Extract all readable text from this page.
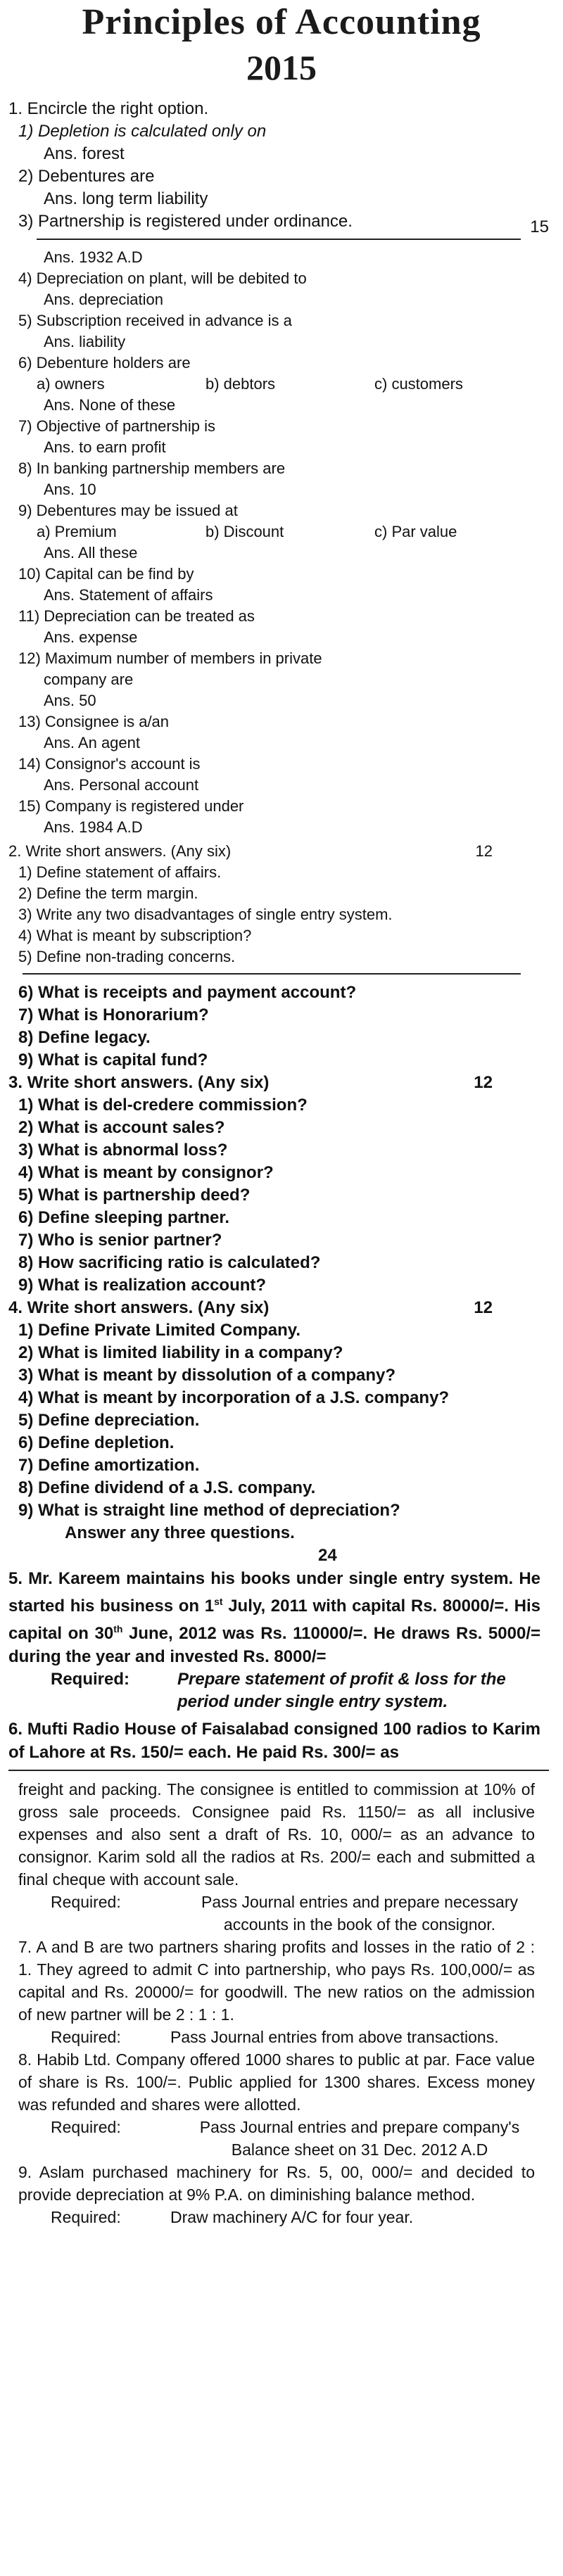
Principles of Accounting
2015
1. Encircle the right option.
15
1) Depletion is calculated only on
Ans. forest
2) Debentures are
Ans. long term liability
3) Partnership is registered under ordinance.
Ans. 1932 A.D
4) Depreciation on plant, will be debited to
Ans. depreciation
5) Subscription received in advance is a
Ans. liability
6) Debenture holders are
a) owners	b) debtors	c) customers
Ans. None of these
7) Objective of partnership is
Ans. to earn profit
8) In banking partnership members are
Ans. 10
9) Debentures may be issued at
a) Premium	b) Discount	c) Par value
Ans. All these
10) Capital can be find by
Ans. Statement of affairs
11) Depreciation can be treated as
Ans. expense
12) Maximum number of members in private
company are
Ans. 50
13) Consignee is a/an
Ans. An agent
14) Consignor's account is
Ans. Personal account
15) Company is registered under
Ans. 1984 A.D
2. Write short answers. (Any six)	12
1) Define statement of affairs.
2) Define the term margin.
3) Write any two disadvantages of single entry system.
4) What is meant by subscription?
5) Define non-trading concerns.
6) What is receipts and payment account?
7) What is Honorarium?
8) Define legacy.
9) What is capital fund?
3. Write short answers. (Any six)	12
1) What is del-credere commission?
2) What is account sales?
3) What is abnormal loss?
4) What is meant by consignor?
5) What is partnership deed?
6) Define sleeping partner.
7) Who is senior partner?
8) How sacrificing ratio is calculated?
9) What is realization account?
4. Write short answers. (Any six)	12
1) Define Private Limited Company.
2) What is limited liability in a company?
3) What is meant by dissolution of a company?
4) What is meant by incorporation of a J.S. company?
5) Define depreciation.
6) Define depletion.
7) Define amortization.
8) Define dividend of a J.S. company.
9) What is straight line method of depreciation?
Answer any three questions.24
5. Mr. Kareem maintains his books under single entry system. He started his business on 1st July, 2011 with capital Rs. 80000/=. His capital on 30th June, 2012 was Rs. 110000/=. He draws Rs. 5000/= during the year and invested Rs. 8000/=
Required:	Prepare statement of profit & loss for the period under single entry system.
6. Mufti Radio House of Faisalabad consigned 100 radios to Karim of Lahore at Rs. 150/= each. He paid Rs. 300/= as
freight and packing. The consignee is entitled to commission at 10% of gross sale proceeds. Consignee paid Rs. 1150/= as all inclusive expenses and also sent a draft of Rs. 10, 000/= as an advance to consignor. Karim sold all the radios at Rs. 200/= each and submitted a final cheque with account sale.
Required:	Pass Journal entries and prepare necessary accounts in the book of the consignor.
7. A and B are two partners sharing profits and losses in the ratio of 2 : 1. They agreed to admit C into partnership, who pays Rs. 100,000/= as capital and Rs. 20000/= for goodwill. The new ratios on the admission of new partner will be 2 : 1 : 1.
Required:	Pass Journal entries from above transactions.
8. Habib Ltd. Company offered 1000 shares to public at par. Face value of share is Rs. 100/=. Public applied for 1300 shares. Excess money was refunded and shares were allotted.
Required:	Pass Journal entries and prepare company's Balance sheet on 31 Dec. 2012 A.D
9. Aslam purchased machinery for Rs. 5, 00, 000/= and decided to provide depreciation at 9% P.A. on diminishing balance method.
Required:	Draw machinery A/C for four year.
